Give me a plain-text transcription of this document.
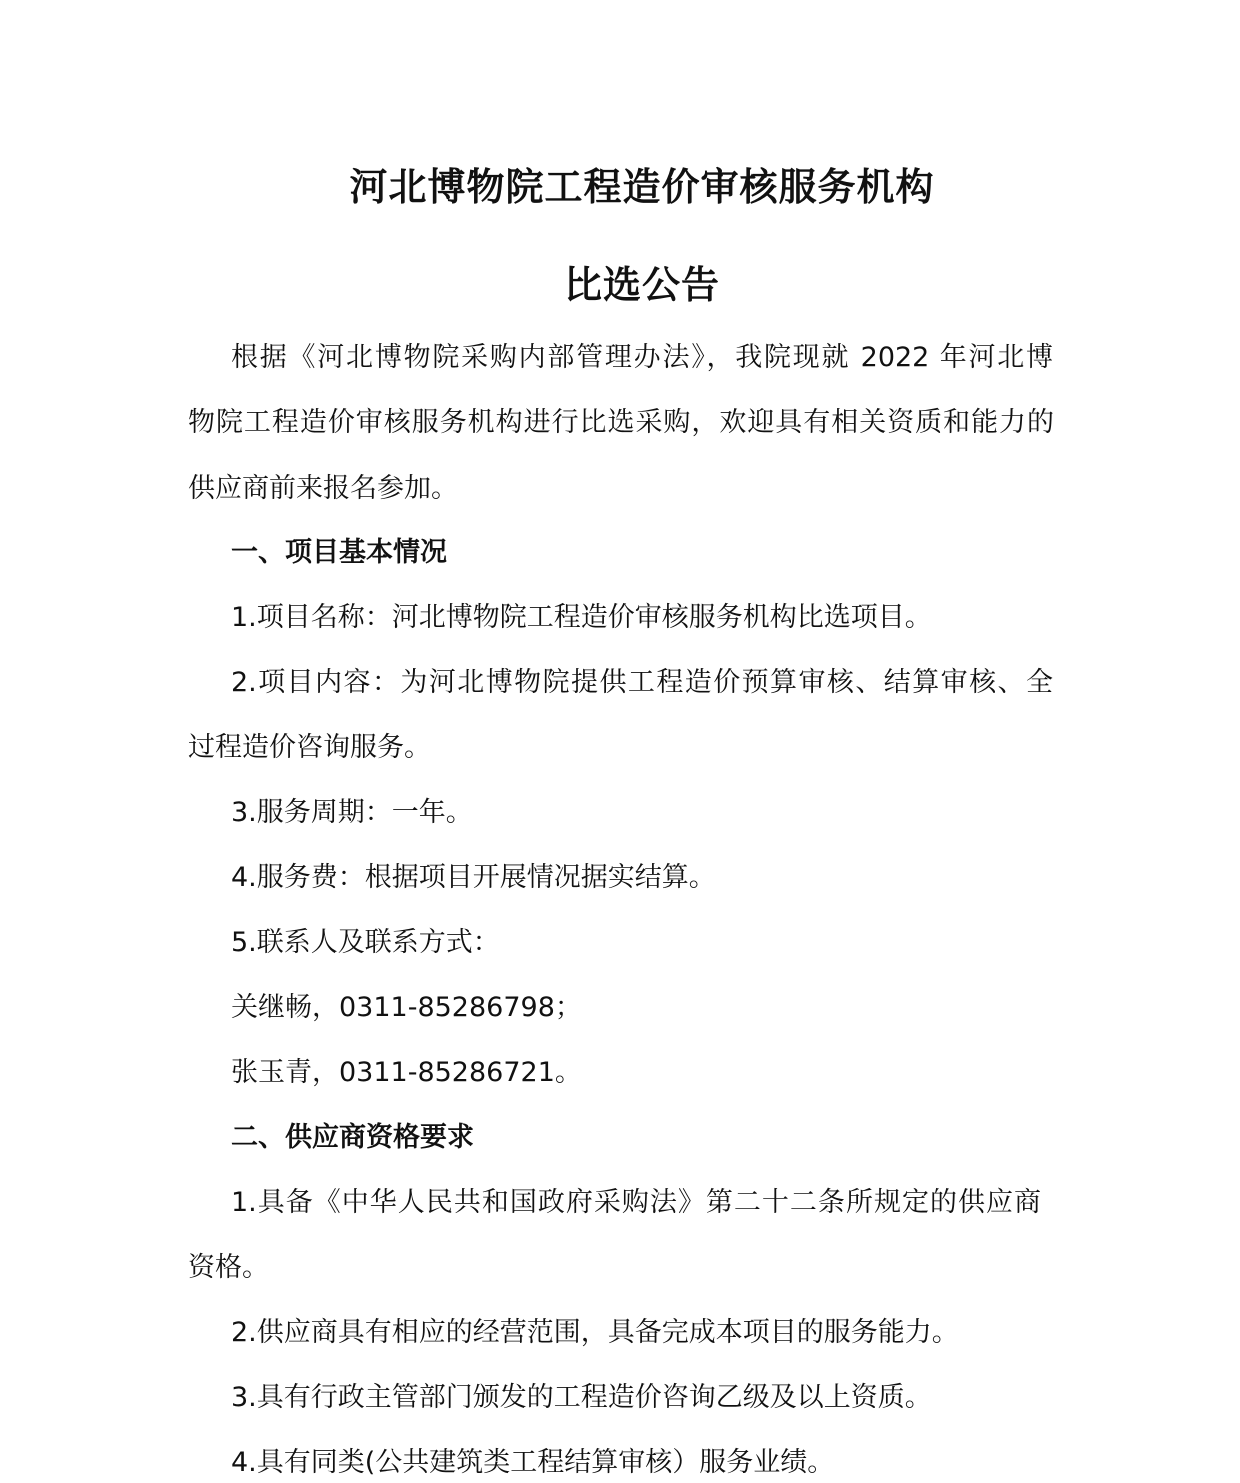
河北博物院工程造价审核服务机构
比选公告

根据《河北博物院采购内部管理办法》，我院现就 2022 年河北博

物院工程造价审核服务机构进行比选采购，欢迎具有相关资质和能力的

供应商前来报名参加。

一、项目基本情况

1.项目名称：河北博物院工程造价审核服务机构比选项目。

2.项目内容：为河北博物院提供工程造价预算审核、结算审核、全

过程造价咨询服务。

3.服务周期：一年。

4.服务费：根据项目开展情况据实结算。

5.联系人及联系方式：

关继畅，0311-85286798；

张玉青，0311-85286721。

二、供应商资格要求

1.具备《中华人民共和国政府采购法》第二十二条所规定的供应商

资格。

2.供应商具有相应的经营范围，具备完成本项目的服务能力。

3.具有行政主管部门颁发的工程造价咨询乙级及以上资质。

4.具有同类(公共建筑类工程结算审核）服务业绩。
